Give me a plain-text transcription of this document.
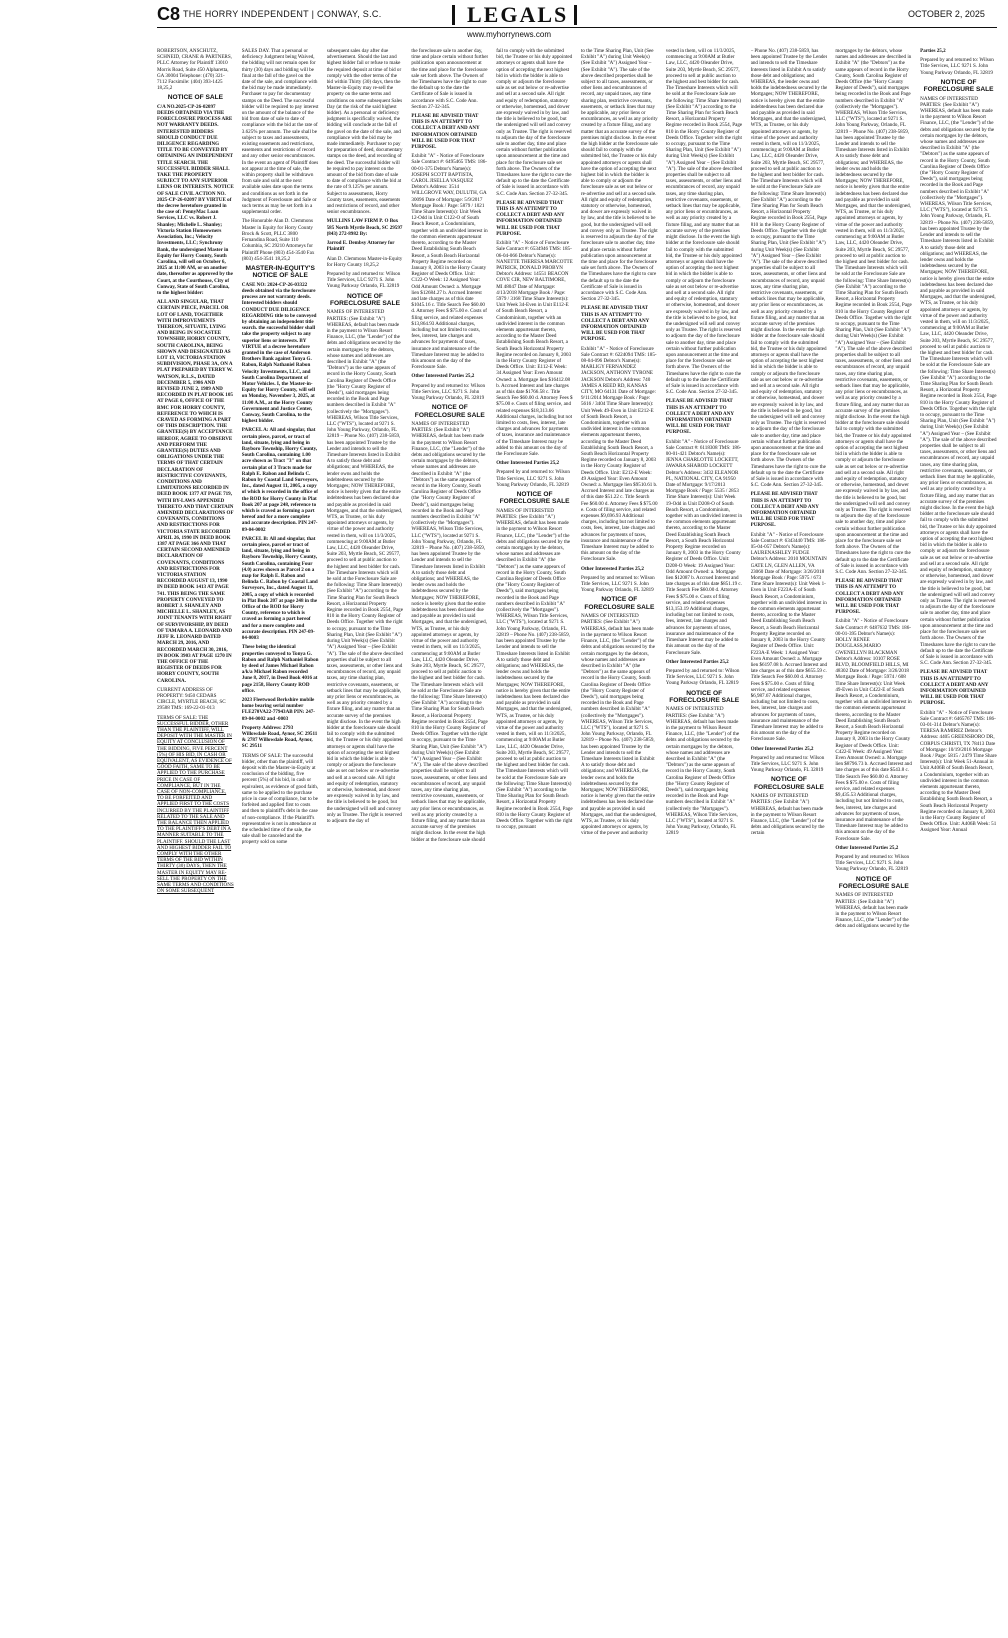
C8 THE HORRY INDEPENDENT | CONWAY, S.C.	LEGALS
www.myhorrynews.com
OCTOBER 2, 2025

ROBERTSON, ANSCHUTZ, SCHNEID, CRANE & PARTNERS, PLLC Attorney for Plaintiff 13010 Morris Road, Suite 450 Alpharetta, GA 30004 Telephone: (470) 321-7112 Facsimile: (404) 393-1425 18,25,2

NOTICE OF SALE

C/A NO.2025-CP-26-02097 DEEDS OBTAINED VIA THE FORECLOSURE PROCESS ARE NOT WARRANTY DEEDS. INTERESTED BIDDERS SHOULD CONDUCT DUE DILIGENCE REGARDING TITLE TO BE CONVEYED BY OBTAINING AN INDEPENDENT TITLE SEARCH. THE SUCCESSFUL BIDDER SHALL TAKE THE PROPERTY SUBJECT TO ANY SUPERIOR LIENS OR INTERESTS. NOTICE OF SALE CIVIL ACTION NO. 2025-CP-26-02097 BY VIRTUE of the decree heretofore granted in the case of: PennyMac Loan Services, LLC vs. Robert J. Shanley; Michelle L. Shanley; Victoria Station Homeowners Association, Inc.; Velocity Investments, LLC; Synchrony Bank, the undersigned Master in Equity for Horry County, South Carolina, will sell on October 6, 2025 at 11:00 AM, or on another date, thereafter as approved by the Court, at the Courthouse, City of Conway, State of South Carolina, to the highest bidder:

ALL AND SINGULAR, THAT CERTAIN PIECE, PARCEL OR LOT OF LAND, TOGETHER WITH IMPROVEMENTS THEREON, SITUATE, LYING AND BEING IN SOCASTEE TOWNSHIP, HORRY COUNTY, SOUTH CAROLINA, BEING SHOWN AND DESIGNATED AS LOT 13, VICTORIA STATION SUBDIVISION, PHASE 3A, ON A PLAT PREPARED BY TERRY W. WATSON, R.L.S., DATED DECEMBER 5, 1986 AND REVISED JUNE 2, 1989 AND RECORDED IN PLAT BOOK 105 AT PAGE 6, OFFICE OF THE RMC FOR HORRY COUNTY, REFERENCE TO WHICH IS CRAVED AS FORMING A PART OF THIS DESCRIPTION. THE GRANTEE(S) BY ACCEPTANCE HEREOF, AGREE TO OBSERVE AND PERFORM THE GRANTEE(S) DUTIES AND OBLIGATIONS UNDER THE TERMS OF THAT CERTAIN DECLARATION OF RESTRICTIVE COVENANTS, CONDITIONS AND LIMITATIONS RECORDED IN DEED BOOK 1377 AT PAGE 719, WITH BY-LAWS APPENDED THERETO AND THAT CERTAIN AMENDED DECLARATIONS OF COVENANTS, CONDITIONS AND RESTRICTIONS FOR VICTORIA STATE RECORDED APRIL 26, 1990 IN DEED BOOK 1387 AT PAGE 366 AND THAT CERTAIN SECOND AMENDED DECLARATION OF COVENANTS, CONDITIONS AND RESTRICTIONS FOR VICTORIA STATION RECORDED AUGUST 13, 1990 IN DEED BOOK 1413 AT PAGE 741. THIS BEING THE SAME PROPERTY CONVEYED TO ROBERT J. SHANLEY AND MICHELLE L. SHANLEY, AS JOINT TENANTS WITH RIGHT OF SURVIVORSHIP, BY DEED OF TAMARA A. LEONARD AND JEFF R. LEONARD DATED MARCH 29, 2016, AND RECORDED MARCH 30, 2016, IN BOOK 3903 AT PAGE 1270 IN THE OFFICE OF THE REGISTER OF DEEDS FOR HORRY COUNTY, SOUTH CAROLINA.

CURRENT ADDRESS OF PROPERTY: 9450 CEDARS CIRCLE, MYRTLE BEACH, SC 29588 TMS: 169-22-01-013

TERMS OF SALE: THE SUCCESSFUL BIDDER, OTHER THAN THE PLAINTIFF, WILL DEPOSIT WITH THE MASTER IN EQUITY AT CONCLUSION OF THE BIDDING, FIVE PERCENT (5%) OF HIS BID, IN CASH OR EQUIVALENT, AS EVIDENCE OF GOOD FAITH, SAME TO BE APPLIED TO THE PURCHASE PRICE IN CASE OF COMPLIANCE, BUT IN THE CASE OF NON-COMPLIANCE, TO BE FORFEITED AND APPLIED FIRST TO THE COSTS INCURRED BY THE PLAINTIFF RELATED TO THE SALE AND THE BALANCE THEN APPLIED TO THE PLAINTIFF'S DEBT IN A MANNER SUITABLE TO THE PLAINTIFF. SHOULD THE LAST AND HIGHEST BIDDER FAIL TO COMPLY WITH THE OTHER TERMS OF THE BID WITHIN THIRTY (30) DAYS, THEN THE MASTER IN EQUITY MAY RE-SELL THE PROPERTY ON THE SAME TERMS AND CONDITIONS ON SOME SUBSEQUENT

SALES DAY. That a personal or deficiency Judgment being Waived, the bidding will not remain open for thirty (30) days and bidding will be final at the fall of the gavel on the date of the sale, and compliance with the bid may be made immediately. Purchaser to pay for documentary stamps on the Deed. The successful bidder will be required to pay interest on the amount of the balance of the bid from date of sale to date of compliance with the bid at the rate of 3.625% per annum. The sale shall be subject to taxes and assessments, existing easements and restrictions, easements and restrictions of record and any other senior encumbrances. In the event an agent of Plaintiff does not appear at the time of sale, the within property shall be withdrawn from sale and sold at the next available sales date upon the terms and conditions as set forth in the Judgment of Foreclosure and Sale or such terms as may be set forth in a supplemental order.

The Honorable Alan D. Clemmons Master in Equity for Horry County Brock & Scott, PLLC 3800 Fernandina Road, Suite 110 Columbia, SC 29210 Attorneys for Plaintiff Phone (803) 454-3540 Fax (803) 454-3541 18,25,2

MASTER-IN-EQUITY'S NOTICE OF SALE

CASE NO: 2024-CP-26-03322 deeds obtained via the foreclosure process are not warranty deeds. Interested bidders should CONDUCT DUE DILIGENCE REGARDING title to be conveyed by obtaining an independent title search. the successful bidder shall take the property subject to any superior liens or interests. BY VIRTUE of a decree heretofore granted in the case of Anderson Brothers Bank against Tonya G. Rabon, Ralph Nathaniel Rabon Velocity Investments, LLC, and South Carolina Department of Motor Vehicles. I, the Master-in-Equity for Horry County, will sell on Monday, November 3, 2025, at 11:00 A.M., at the Horry County Government and Justice Center, Conway, South Carolina, to the highest bidder.

PARCEL A: All and singular, that certain piece, parcel, or tract of land, situate, lying and being in Bayboro Township, Horry County, South Carolina, containing 1.00 acre shown as Tract "3" on that certain plat of 3 Tracts made for Ralph E. Rabon and Belinda C. Rabon by Coastal Land Surveyors, Inc., dated August 11, 2005, a copy of which is recorded in the office of the ROD for Horry County in Plat Book 207 at page 248, reference to which is craved as forming a part hereof and for a more complete and accurate description. PIN 247-09-04-0002

PARCEL B: All and singular, that certain piece, parcel or tract of land, situate, lying and being in Bayboro Township, Horry County, South Carolina, containing Four (4.0) acres shown as Parcel 2 on a map for Ralph E. Rabon and Belinda C. Rabon by Coastal Land Surveyors, Inc., dated August 11, 2005, a copy of which is recorded in Plat Book 207 at page 248 in the Office of the ROD for Horry County, reference to which is craved as forming a part hereof and for a more complete and accurate description. PIN 247-09-04-0003

These being the identical properties conveyed to Tonya G. Rabon and Ralph Nathaniel Rabon by deed of James Michael Rabon a/k/a Michael Rabon recorded June 8, 2017, in Deed Book 4016 at page 2158, Horry County ROD office.

2023 Fleetwood Berkshire mobile home bearing serial number FLE270VA22-77943AB PIN: 247-09-04-0002 and -0003

Property Address: 2793 Willowdale Road, Aynor, SC 29511 & 2787 Willowdale Road, Aynor, SC 29511

TERMS OF SALE: The successful bidder, other than the plaintiff, will deposit with the Master-in-Equity at conclusion of the bidding, five percent (5%) of his bid, in cash or equivalent, as evidence of good faith, same to be applied to the purchase price in case of compliance, but to be forfeited and applied first to costs and then to plaintiff's debt in the case of non-compliance. If the Plaintiff's representative is not in attendance at the scheduled time of the sale, the sale shall be canceled and the property sold on some

subsequent sales day after due advertisement. Should the last and highest bidder fail or refuse to make the required deposit at time of bid or comply with the other terms of the bid within Thirty (30) days, then the Master-in-Equity may re-sell the property on the same terms and conditions on some subsequent Sales Day (at the risk of the said highest bidder). As a personal or deficiency judgment is specifically waived, the bidding will conclude at the fall of the gavel on the date of the sale, and compliance with the bid may be made immediately. Purchaser to pay for preparation of deed, documentary stamps on the deed, and recording of the deed. The successful bidder will be required to pay interest on the amount of the bid from date of sale to date of compliance with the bid at the rate of 9.125% per annum. Subject to assessments, Horry County taxes, easements, easements and restrictions of record, and other senior encumbrances.

MULLINS LAW FIRM P. O Box 585 North Myrtle Beach, SC 29597 (843) 272-8982 By:

Jarrod E. Dembsy Attorney for Plaintiff

Alan D. Clemmons Master-in-Equity for Horry County 18,25,2

Prepared by and returned to: Wilson Title Services, LLC 9271 S. John Young Parkway Orlando, FL 32819

NOTICE OF FORECLOSURE SALE

NAMES OF INTERESTED PARTIES: (See Exhibit "A") WHEREAS, default has been made in the payment to Wilson Resort Finance, LLC, (the "Lender") of the debts and obligations secured by the certain mortgages by the debtors, whose names and addresses are described in Exhibit "A" (the "Debtors") as the same appears of record in the Horry County, South Carolina Register of Deeds Office (the "Horry County Register of Deeds"), said mortgages being recorded in the Book and Page numbers described in Exhibit "A" (collectively the "Mortgages"). WHEREAS, Wilson Title Services, LLC ("WTS"), located at 9271 S. John Young Parkway, Orlando, FL 32819 – Phone No. (407) 238-5859, has been appointed Trustee by the Lender and intends to sell the Timeshare Interests listed in Exhibit A to satisfy those debt and obligations; and WHEREAS, the lender owns and holds the indebtedness secured by the Mortgages; NOW THEREFORE, notice is hereby given that the entire indebtedness has been declared due and payable as provided in said Mortgages, and that the undersigned, WTS, as Trustee, or his duly appointed attorneys or agents, by virtue of the power and authority vested in them, will on 11/3/2025, commencing at 9:00AM at Butler Law, LLC, 4420 Oleander Drive, Suite 203, Myrtle Beach, SC 29577, proceed to sell at public auction to the highest and best bidder for cash. The Timeshare Interests which will be sold at the Foreclosure Sale are the following: Time Share Interest(s) (See Exhibit "A") according to the Time Sharing Plan for South Beach Resort, a Horizontal Property Regime recorded in Book 2554, Page 810 in the Horry County Register of Deeds Office. Together with the right to occupy, pursuant to the Time Sharing Plan, Unit (See Exhibit "A") during Unit Week(s) (See Exhibit "A") Assigned Year – (See Exhibit "A"). The sale of the above described properties shall be subject to all taxes, assessments, or other liens and encumbrances of record, any unpaid taxes, any time sharing plan, restrictive covenants, easements, or setback lines that may be applicable, any prior liens or encumbrances, as well as any priority created by a fixture filing, and any matter that an accurate survey of the premises might disclose. In the event the high bidder at the foreclosure sale should fail to comply with the submitted bid, the Trustee or his duly appointed attorneys or agents shall have the option of accepting the next highest bid in which the bidder is able to comply or adjourn the foreclosure sale as set out below or re-advertise and sell at a second sale. All right and equity of redemption, statutory or otherwise, homestead, and dower are expressly waived in by law, and the title is believed to be good, but the undersigned will sell and convey only as Trustee. The right is reserved to adjourn the day of

the foreclosure sale to another day, time and place certain without further publication upon announcement at the time and place for the foreclosure sale set forth above. The Owners of the Timeshares have the right to cure the default up to the date the Certificate of Sale is issued in accordance with S.C. Code Ann. Section 27-32-345.

PLEASE BE ADVISED THAT THIS IS AN ATTEMPT TO COLLECT A DEBT AND ANY INFORMATION OBTAINED WILL BE USED FOR THAT PURPOSE.

Exhibit "A" - Notice of Foreclosure Sale Contract #: 6495465 TMS: 186-00-01-375 Debtor's Name(s): JOSEPH SCOTT BAPTISTA, CAROL JISELLA VASQUEZ Debtor's Address: 3514 WILLGROVE WAY, DULUTH, GA 30096 Date of Mortgage: 5/9/2017 Mortgage Book / Page: 5879 / 1021 Time Share Interest(s): Unit Week 12-Odd in Unit C122-O of South Beach Resort, a Condominium, together with an undivided interest in the common elements appurtenant thereto, according to the Master Deed Establishing South Beach Resort, a South Beach Horizontal Property Regime recorded on January 8, 2003 in the Horry County Register of Deeds Office. Unit: C122-O Week: 12 Assigned Year: Odd Amount Owned: a. Mortgage lien $12684.27 b. Accrued Interest and late charges as of this date $1045.16 c. Title Search Fee $60.00 d. Attorney Fees $ $75.00 e. Costs of filing service, and related expenses $13,864.93 Additional charges, including but not limited to costs, fees, interest, late charges and advances for payments of taxes, insurance and maintenance of the Timeshare Interest may be added to this amount on the day of the Foreclosure Sale.

Other Interested Parties 25,2

Prepared by and returned to: Wilson Title Services, LLC 9271 S. John Young Parkway Orlando, FL 32819

NOTICE OF FORECLOSURE SALE

NAMES OF INTERESTED PARTIES: (See Exhibit "A") WHEREAS, default has been made in the payment to Wilson Resort Finance, LLC, (the "Lender") of the debts and obligations secured by the certain mortgages by the debtors, whose names and addresses are described in Exhibit "A" (the "Debtors") as the same appears of record in the Horry County, South Carolina Register of Deeds Office (the "Horry County Register of Deeds"), said mortgages being recorded in the Book and Page numbers described in Exhibit "A" (collectively the "Mortgages"). WHEREAS, Wilson Title Services, LLC ("WTS"), located at 9271 S. John Young Parkway, Orlando, FL 32819 – Phone No. (407) 238-5859, has been appointed Trustee by the Lender and intends to sell the Timeshare Interests listed in Exhibit A to satisfy those debt and obligations; and WHEREAS, the lender owns and holds the indebtedness secured by the Mortgages; NOW THEREFORE, notice is hereby given that the entire indebtedness has been declared due and payable as provided in said Mortgages, and that the undersigned, WTS, as Trustee, or his duly appointed attorneys or agents, by virtue of the power and authority vested in them, will on 11/3/2025, commencing at 9:00AM at Butler Law, LLC, 4420 Oleander Drive, Suite 203, Myrtle Beach, SC 29577, proceed to sell at public auction to the highest and best bidder for cash. The Timeshare Interests which will be sold at the Foreclosure Sale are the following: Time Share Interest(s) (See Exhibit "A") according to the Time Sharing Plan for South Beach Resort, a Horizontal Property Regime recorded in Book 2554, Page 810 in the Horry County Register of Deeds Office. Together with the right to occupy, pursuant to the Time Sharing Plan, Unit (See Exhibit "A") during Unit Week(s) (See Exhibit "A") Assigned Year – (See Exhibit "A"). The sale of the above described properties shall be subject to all taxes, assessments, or other liens and encumbrances of record, any unpaid taxes, any time sharing plan, restrictive covenants, easements, or setback lines that may be applicable, any prior liens or encumbrances, as well as any priority created by a fixture filing, and any matter that an accurate survey of the premises might disclose. In the event the high bidder at the foreclosure sale should

fail to comply with the submitted bid, the Trustee or his duly appointed attorneys or agents shall have the option of accepting the next highest bid in which the bidder is able to comply or adjourn the foreclosure sale as set out below or re-advertise and sell at a second sale. All right and equity of redemption, statutory or otherwise, homestead, and dower are expressly waived in by law, and the title is believed to be good, but the undersigned will sell and convey only as Trustee. The right is reserved to adjourn the day of the foreclosure sale to another day, time and place certain without further publication upon announcement at the time and place for the foreclosure sale set forth above. The Owners of the Timeshares have the right to cure the default up to the date the Certificate of Sale is issued in accordance with S.C. Code Ann. Section 27-32-345.

PLEASE BE ADVISED THAT THIS IS AN ATTEMPT TO COLLECT A DEBT AND ANY INFORMATION OBTAINED WILL BE USED FOR THAT PURPOSE.

Exhibit "A" - Notice of Foreclosure Sale Contract #: 6534946 TMS: 185-06-04-066 Debtor's Name(s): NANETTE THERESA MARCOTTE PATRICK, DONALD PROBYN Debtor's Address: 14551 BEACON COVE CIR, NEW BALTIMORE, MI 48047 Date of Mortgage: 4/13/2018 Mortgage Book / Page: 5979 / 3168 Time Share Interest(s): Unit Week 34-Even in Unit E112-E of South Beach Resort, a Condominium, together with an undivided interest in the common elements appurtenant thereto, according to the Master Deed Establishing South Beach Resort, a South Beach Horizontal Property Regime recorded on January 8, 2003 in the Horry County Register of Deeds Office. Unit: E112-E Week: 34 Assigned Year: Even Amount Owned: a. Mortgage lien $16412.08 b. Accrued Interest and late charges as of this date $1766.58 c. Title Search Fee $60.00 d. Attorney Fees $ $75.00 e. Costs of filing service, and related expenses $18,313.66 Additional charges, including but not limited to costs, fees, interest, late charges and advances for payments of taxes, insurance and maintenance of the Timeshare Interest may be added to this amount on the day of the Foreclosure Sale.

Other Interested Parties 25,2

Prepared by and returned to: Wilson Title Services, LLC 9271 S. John Young Parkway Orlando, FL 32819

NOTICE OF FORECLOSURE SALE

NAMES OF INTERESTED PARTIES: (See Exhibit "A") WHEREAS, default has been made in the payment to Wilson Resort Finance, LLC, (the "Lender") of the debts and obligations secured by the certain mortgages by the debtors, whose names and addresses are described in Exhibit "A" (the "Debtors") as the same appears of record in the Horry County, South Carolina Register of Deeds Office (the "Horry County Register of Deeds"), said mortgages being recorded in the Book and Page numbers described in Exhibit "A" (collectively the "Mortgages"). WHEREAS, Wilson Title Services, LLC ("WTS"), located at 9271 S. John Young Parkway, Orlando, FL 32819 – Phone No. (407) 238-5859, has been appointed Trustee by the Lender and intends to sell the Timeshare Interests listed in Exhibit A to satisfy those debt and obligations; and WHEREAS, the lender owns and holds the indebtedness secured by the Mortgages; NOW THEREFORE, notice is hereby given that the entire indebtedness has been declared due and payable as provided in said Mortgages, and that the undersigned, WTS, as Trustee, or his duly appointed attorneys or agents, by virtue of the power and authority vested in them, will on 11/3/2025, commencing at 9:00AM at Butler Law, LLC, 4420 Oleander Drive, Suite 203, Myrtle Beach, SC 29577, proceed to sell at public auction to the highest and best bidder for cash. The Timeshare Interests which will be sold at the Foreclosure Sale are the following: Time Share Interest(s) (See Exhibit "A") according to the Time Sharing Plan for South Beach Resort, a Horizontal Property Regime recorded in Book 2554, Page 810 in the Horry County Register of Deeds Office. Together with the right to occupy, pursuant

to the Time Sharing Plan, Unit (See Exhibit "A") during Unit Week(s) (See Exhibit "A") Assigned Year – (See Exhibit "A"). The sale of the above described properties shall be subject to all taxes, assessments, or other liens and encumbrances of record, any unpaid taxes, any time sharing plan, restrictive covenants, easements, or setback lines that may be applicable, any prior liens or encumbrances, as well as any priority created by a fixture filing, and any matter that an accurate survey of the premises might disclose. In the event the high bidder at the foreclosure sale should fail to comply with the submitted bid, the Trustee or his duly appointed attorneys or agents shall have the option of accepting the next highest bid in which the bidder is able to comply or adjourn the foreclosure sale as set out below or re-advertise and sell at a second sale. All right and equity of redemption, statutory or otherwise, homestead, and dower are expressly waived in by law, and the title is believed to be good, but the undersigned will sell and convey only as Trustee. The right is reserved to adjourn the day of the foreclosure sale to another day, time and place certain without further publication upon announcement at the time and place for the foreclosure sale set forth above. The Owners of the Timeshares have the right to cure the default up to the date the Certificate of Sale is issued in accordance with S.C. Code Ann. Section 27-32-345.

PLEASE BE ADVISED THAT THIS IS AN ATTEMPT TO COLLECT A DEBT AND ANY INFORMATION OBTAINED WILL BE USED FOR THAT PURPOSE.

Exhibit "A" - Notice of Foreclosure Sale Contract #: 6224094 TMS: 185-08-04-096 Debtor's Name(s): MARLIGY FERNANDEZ JACKSON, ANTHONY TYRONE JACKSON Debtor's Address: 740 JAMES A REED RD, KANSAS CITY, MO 64131 Date of Mortgage: 9/11/2014 Mortgage Book / Page: 5616 / 3404 Time Share Interest(s): Unit Week 49-Even in Unit E212-E of South Beach Resort, a Condominium, together with an undivided interest in the common elements appurtenant thereto, according to the Master Deed Establishing South Beach Resort, a South Beach Horizontal Property Regime recorded on January 8, 2003 in the Horry County Register of Deeds Office. Unit: E212-E Week: 49 Assigned Year: Even Amount Owned: a. Mortgage lien $9510.61 b. Accrued Interest and late charges as of this date $51.22 c. Title Search Fee $60.00 d. Attorney Fees $ $75.00 e. Costs of filing service, and related expenses $9,696.93 Additional charges, including but not limited to costs, fees, interest, late charges and advances for payments of taxes, insurance and maintenance of the Timeshare Interest may be added to this amount on the day of the Foreclosure Sale.

Other Interested Parties 25,2

Prepared by and returned to: Wilson Title Services, LLC 9271 S. John Young Parkway Orlando, FL 32819

NOTICE OF FORECLOSURE SALE

NAMES OF INTERESTED PARTIES: (See Exhibit "A") WHEREAS, default has been made in the payment to Wilson Resort Finance, LLC, (the "Lender") of the debts and obligations secured by the certain mortgages by the debtors, whose names and addresses are described in Exhibit "A" (the "Debtors") as the same appears of record in the Horry County, South Carolina Register of Deeds Office (the "Horry County Register of Deeds"), said mortgages being recorded in the Book and Page numbers described in Exhibit "A" (collectively the "Mortgages"). WHEREAS, Wilson Title Services, LLC ("WTS"), located at 9271 S. John Young Parkway, Orlando, FL 32819 – Phone No. (407) 238-5859, has been appointed Trustee by the Lender and intends to sell the Timeshare Interests listed in Exhibit A to satisfy those debt and obligations; and WHEREAS, the lender owns and holds the indebtedness secured by the Mortgages; NOW THEREFORE, notice is hereby given that the entire indebtedness has been declared due and payable as provided in said Mortgages, and that the undersigned, WTS, as Trustee, or his duly appointed attorneys or agents, by virtue of the power and authority

vested in them, will on 11/3/2025, commencing at 9:00AM at Butler Law, LLC, 4420 Oleander Drive, Suite 203, Myrtle Beach, SC 29577, proceed to sell at public auction to the highest and best bidder for cash. The Timeshare Interests which will be sold at the Foreclosure Sale are the following: Time Share Interest(s) (See Exhibit "A") according to the Time Sharing Plan for South Beach Resort, a Horizontal Property Regime recorded in Book 2554, Page 810 in the Horry County Register of Deeds Office. Together with the right to occupy, pursuant to the Time Sharing Plan, Unit (See Exhibit "A") during Unit Week(s) (See Exhibit "A") Assigned Year – (See Exhibit "A"). The sale of the above described properties shall be subject to all taxes, assessments, or other liens and encumbrances of record, any unpaid taxes, any time sharing plan, restrictive covenants, easements, or setback lines that may be applicable, any prior liens or encumbrances, as well as any priority created by a fixture filing, and any matter that an accurate survey of the premises might disclose. In the event the high bidder at the foreclosure sale should fail to comply with the submitted bid, the Trustee or his duly appointed attorneys or agents shall have the option of accepting the next highest bid in which the bidder is able to comply or adjourn the foreclosure sale as set out below or re-advertise and sell at a second sale. All right and equity of redemption, statutory or otherwise, homestead, and dower are expressly waived in by law, and the title is believed to be good, but the undersigned will sell and convey only as Trustee. The right is reserved to adjourn the day of the foreclosure sale to another day, time and place certain without further publication upon announcement at the time and place for the foreclosure sale set forth above. The Owners of the Timeshares have the right to cure the default up to the date the Certificate of Sale is issued in accordance with S.C. Code Ann. Section 27-32-345.

PLEASE BE ADVISED THAT THIS IS AN ATTEMPT TO COLLECT A DEBT AND ANY INFORMATION OBTAINED WILL BE USED FOR THAT PURPOSE.

Exhibit "A" - Notice of Foreclosure Sale Contract #: 6118308 TMS: 186-00-01-421 Debtor's Name(s): JENNA CHARLOTTE LOCKETT, JAWARA SHAROD LOCKETT Debtor's Address: 3432 ELEANOR PL, NATIONAL CITY, CA 91950 Date of Mortgage: 9/17/2013 Mortgage Book / Page: 5535 / 2853 Time Share Interest(s): Unit Week 19-Odd in Unit D208-O of South Beach Resort, a Condominium, together with an undivided interest in the common elements appurtenant thereto, according to the Master Deed Establishing South Beach Resort, a South Beach Horizontal Property Regime recorded on January 8, 2003 in the Horry County Register of Deeds Office. Unit: D208-O Week: 19 Assigned Year: Odd Amount Owned: a. Mortgage lien $12087 b. Accrued Interest and late charges as of this date $851.19 c. Title Search Fee $60.00 d. Attorney Fees $ $75.00 e. Costs of filing service, and related expenses $13,153.19 Additional charges, including but not limited to costs, fees, interest, late charges and advances for payments of taxes, insurance and maintenance of the Timeshare Interest may be added to this amount on the day of the Foreclosure Sale.

Other Interested Parties 25,2

Prepared by and returned to: Wilson Title Services, LLC 9271 S. John Young Parkway Orlando, FL 32819

NOTICE OF FORECLOSURE SALE

NAMES OF INTERESTED PARTIES: (See Exhibit "A") WHEREAS, default has been made in the payment to Wilson Resort Finance, LLC, (the "Lender") of the debts and obligations secured by the certain mortgages by the debtors, whose names and addresses are described in Exhibit "A" (the "Debtors") as the same appears of record in the Horry County, South Carolina Register of Deeds Office (the "Horry County Register of Deeds"), said mortgages being recorded in the Book and Page numbers described in Exhibit "A" (collectively the "Mortgages"). WHEREAS, Wilson Title Services, LLC ("WTS"), located at 9271 S. John Young Parkway, Orlando, FL 32819

– Phone No. (407) 238-5859, has been appointed Trustee by the Lender and intends to sell the Timeshare Interests listed in Exhibit A to satisfy those debt and obligations; and WHEREAS, the lender owns and holds the indebtedness secured by the Mortgages; NOW THEREFORE, notice is hereby given that the entire indebtedness has been declared due and payable as provided in said Mortgages, and that the undersigned, WTS, as Trustee, or his duly appointed attorneys or agents, by virtue of the power and authority vested in them, will on 11/3/2025, commencing at 9:00AM at Butler Law, LLC, 4420 Oleander Drive, Suite 203, Myrtle Beach, SC 29577, proceed to sell at public auction to the highest and best bidder for cash. The Timeshare Interests which will be sold at the Foreclosure Sale are the following: Time Share Interest(s) (See Exhibit "A") according to the Time Sharing Plan for South Beach Resort, a Horizontal Property Regime recorded in Book 2554, Page 810 in the Horry County Register of Deeds Office. Together with the right to occupy, pursuant to the Time Sharing Plan, Unit (See Exhibit "A") during Unit Week(s) (See Exhibit "A") Assigned Year – (See Exhibit "A"). The sale of the above described properties shall be subject to all taxes, assessments, or other liens and encumbrances of record, any unpaid taxes, any time sharing plan, restrictive covenants, easements, or setback lines that may be applicable, any prior liens or encumbrances, as well as any priority created by a fixture filing, and any matter that an accurate survey of the premises might disclose. In the event the high bidder at the foreclosure sale should fail to comply with the submitted bid, the Trustee or his duly appointed attorneys or agents shall have the option of accepting the next highest bid in which the bidder is able to comply or adjourn the foreclosure sale as set out below or re-advertise and sell at a second sale. All right and equity of redemption, statutory or otherwise, homestead, and dower are expressly waived in by law, and the title is believed to be good, but the undersigned will sell and convey only as Trustee. The right is reserved to adjourn the day of the foreclosure sale to another day, time and place certain without further publication upon announcement at the time and place for the foreclosure sale set forth above. The Owners of the Timeshares have the right to cure the default up to the date the Certificate of Sale is issued in accordance with S.C. Code Ann. Section 27-32-345.

PLEASE BE ADVISED THAT THIS IS AN ATTEMPT TO COLLECT A DEBT AND ANY INFORMATION OBTAINED WILL BE USED FOR THAT PURPOSE.

Exhibit "A" - Notice of Foreclosure Sale Contract #: 6343440 TMS: 186-05-04-057 Debtor's Name(s): LAURENASHLEY FUDGE Debtor's Address: 2010 MOUNTAIN GATE LN, GLEN ALLEN, VA 23060 Date of Mortgage: 3/26/2018 Mortgage Book / Page: 5975 / 673 Time Share Interest(s): Unit Week 1-Even in Unit F223A-E of South Beach Resort, a Condominium, together with an undivided interest in the common elements appurtenant thereto, according to the Master Deed Establishing South Beach Resort, a South Beach Horizontal Property Regime recorded on January 8, 2003 in the Horry County Register of Deeds Office. Unit: F223A-E Week: 1 Assigned Year: Even Amount Owned: a. Mortgage lien $6197.08 b. Accrued Interest and late charges as of this date $655.59 c. Title Search Fee $60.00 d. Attorney Fees $ $75.00 e. Costs of filing service, and related expenses $6,987.67 Additional charges, including but not limited to costs, fees, interest, late charges and advances for payments of taxes, insurance and maintenance of the Timeshare Interest may be added to this amount on the day of the Foreclosure Sale.

Other Interested Parties 25,2

Prepared by and returned to: Wilson Title Services, LLC 9271 S. John Young Parkway Orlando, FL 32819

NOTICE OF FORECLOSURE SALE

NAMES OF INTERESTED PARTIES: (See Exhibit "A") WHEREAS, default has been made in the payment to Wilson Resort Finance, LLC, (the "Lender") of the debts and obligations secured by the certain

mortgages by the debtors, whose names and addresses are described in Exhibit "A" (the "Debtors") as the same appears of record in the Horry County, South Carolina Register of Deeds Office (the "Horry County Register of Deeds"), said mortgages being recorded in the Book and Page numbers described in Exhibit "A" (collectively the "Mortgages"). WHEREAS, Wilson Title Services, LLC ("WTS"), located at 9271 S. John Young Parkway, Orlando, FL 32819 – Phone No. (407) 238-5859, has been appointed Trustee by the Lender and intends to sell the Timeshare Interests listed in Exhibit A to satisfy those debt and obligations; and WHEREAS, the lender owns and holds the indebtedness secured by the Mortgages; NOW THEREFORE, notice is hereby given that the entire indebtedness has been declared due and payable as provided in said Mortgages, and that the undersigned, WTS, as Trustee, or his duly appointed attorneys or agents, by virtue of the power and authority vested in them, will on 11/3/2025, commencing at 9:00AM at Butler Law, LLC, 4420 Oleander Drive, Suite 203, Myrtle Beach, SC 29577, proceed to sell at public auction to the highest and best bidder for cash. The Timeshare Interests which will be sold at the Foreclosure Sale are the following: Time Share Interest(s) (See Exhibit "A") according to the Time Sharing Plan for South Beach Resort, a Horizontal Property Regime recorded in Book 2554, Page 810 in the Horry County Register of Deeds Office. Together with the right to occupy, pursuant to the Time Sharing Plan, Unit (See Exhibit "A") during Unit Week(s) (See Exhibit "A") Assigned Year – (See Exhibit "A"). The sale of the above described properties shall be subject to all taxes, assessments, or other liens and encumbrances of record, any unpaid taxes, any time sharing plan, restrictive covenants, easements, or setback lines that may be applicable, any prior liens or encumbrances, as well as any priority created by a fixture filing, and any matter that an accurate survey of the premises might disclose. In the event the high bidder at the foreclosure sale should fail to comply with the submitted bid, the Trustee or his duly appointed attorneys or agents shall have the option of accepting the next highest bid in which the bidder is able to comply or adjourn the foreclosure sale as set out below or re-advertise and sell at a second sale. All right and equity of redemption, statutory or otherwise, homestead, and dower are expressly waived in by law, and the title is believed to be good, but the undersigned will sell and convey only as Trustee. The right is reserved to adjourn the day of the foreclosure sale to another day, time and place certain without further publication upon announcement at the time and place for the foreclosure sale set forth above. The Owners of the Timeshares have the right to cure the default up to the date the Certificate of Sale is issued in accordance with S.C. Code Ann. Section 27-32-345.

PLEASE BE ADVISED THAT THIS IS AN ATTEMPT TO COLLECT A DEBT AND ANY INFORMATION OBTAINED WILL BE USED FOR THAT PURPOSE.

Exhibit "A" - Notice of Foreclosure Sale Contract #: 6487632 TMS: 186-00-01-395 Debtor's Name(s): HOLLY RENEE DOUGLASS,MARIO GWENELLYN BLACKMAN Debtor's Address: 10107 ROSE BLVD, BLOOMFIELD HILLS, MI 48302 Date of Mortgage: 3/26/2018 Mortgage Book / Page: 5974 / 608 Time Share Interest(s): Unit Week 49-Even in Unit C422-E of South Beach Resort, a Condominium, together with an undivided interest in the common elements appurtenant thereto, according to the Master Deed Establishing South Beach Resort, a South Beach Horizontal Property Regime recorded on January 8, 2003 in the Horry County Register of Deeds Office. Unit: C422-E Week: 49 Assigned Year: Even Amount Owned: a. Mortgage lien $8796.73 b. Accrued Interest and late charges as of this date $543.8 c. Title Search Fee $60.00 d. Attorney Fees $ $75.00 e. Costs of filing service, and related expenses $9,435.53 Additional charges, including but not limited to costs, fees, interest, late charges and advances for payments of taxes, insurance and maintenance of the Timeshare Interest may be added to this amount on the day of the Foreclosure Sale.

Other Interested Parties 25,2

Prepared by and returned to: Wilson Title Services, LLC 9271 S. John Young Parkway Orlando, FL 32819

NOTICE OF FORECLOSURE SALE

NAMES OF INTERESTED PARTIES: (See Exhibit "A") WHEREAS, default has been made in the payment to Wilson Resort Finance, LLC, (the "Lender") of the debts and obligations secured by the

Parties 25,2

Prepared by and returned to: Wilson Title Services, LLC 9271 S. John Young Parkway Orlando, FL 32819

NOTICE OF FORECLOSURE SALE

NAMES OF INTERESTED PARTIES: (See Exhibit "A") WHEREAS, default has been made in the payment to Wilson Resort Finance, LLC, (the "Lender") of the debts and obligations secured by the certain mortgages by the debtors, whose names and addresses are described in Exhibit "A" (the "Debtors") as the same appears of record in the Horry County, South Carolina Register of Deeds Office (the "Horry County Register of Deeds"), said mortgages being recorded in the Book and Page numbers described in Exhibit "A" (collectively the "Mortgages"). WHEREAS, Wilson Title Services, LLC ("WTS"), located at 9271 S. John Young Parkway, Orlando, FL 32819 – Phone No. (407) 238-5859, has been appointed Trustee by the Lender and intends to sell the Timeshare Interests listed in Exhibit A to satisfy those debt and obligations; and WHEREAS, the lender owns and holds the indebtedness secured by the Mortgages; NOW THEREFORE, notice is hereby given that the entire indebtedness has been declared due and payable as provided in said Mortgages, and that the undersigned, WTS, as Trustee, or his duly appointed attorneys or agents, by virtue of the power and authority vested in them, will on 11/3/2025, commencing at 9:00AM at Butler Law, LLC, 4420 Oleander Drive, Suite 203, Myrtle Beach, SC 29577, proceed to sell at public auction to the highest and best bidder for cash. The Timeshare Interests which will be sold at the Foreclosure Sale are the following: Time Share Interest(s) (See Exhibit "A") according to the Time Sharing Plan for South Beach Resort, a Horizontal Property Regime recorded in Book 2554, Page 810 in the Horry County Register of Deeds Office. Together with the right to occupy, pursuant to the Time Sharing Plan, Unit (See Exhibit "A") during Unit Week(s) (See Exhibit "A") Assigned Year – (See Exhibit "A"). The sale of the above described properties shall be subject to all taxes, assessments, or other liens and encumbrances of record, any unpaid taxes, any time sharing plan, restrictive covenants, easements, or setback lines that may be applicable, any prior liens or encumbrances, as well as any priority created by a fixture filing, and any matter that an accurate survey of the premises might disclose. In the event the high bidder at the foreclosure sale should fail to comply with the submitted bid, the Trustee or his duly appointed attorneys or agents shall have the option of accepting the next highest bid in which the bidder is able to comply or adjourn the foreclosure sale as set out below or re-advertise and sell at a second sale. All right and equity of redemption, statutory or otherwise, homestead, and dower are expressly waived in by law, and the title is believed to be good, but the undersigned will sell and convey only as Trustee. The right is reserved to adjourn the day of the foreclosure sale to another day, time and place certain without further publication upon announcement at the time and place for the foreclosure sale set forth above. The Owners of the Timeshares have the right to cure the default up to the date the Certificate of Sale is issued in accordance with S.C. Code Ann. Section 27-32-345.

PLEASE BE ADVISED THAT THIS IS AN ATTEMPT TO COLLECT A DEBT AND ANY INFORMATION OBTAINED WILL BE USED FOR THAT PURPOSE.

Exhibit "A" - Notice of Foreclosure Sale Contract #: 6465767 TMS: 186-03-01-314 Debtor's Name(s): TERESA RAMIREZ Debtor's Address: 4405 GREENSBORO DR, CORPUS CHRISTI, TX 78413 Date of Mortgage: 10/19/2016 Mortgage Book / Page: 5815 / 2479 Time Share Interest(s): Unit Week 51-Annual in Unit A406B of South Beach Resort, a Condominium, together with an undivided interest in the common elements appurtenant thereto, according to the Master Deed Establishing South Beach Resort, a South Beach Horizontal Property Regime recorded on January 8, 2003 in the Horry County Register of Deeds Office. Unit: A406B Week: 51 Assigned Year: Annual
